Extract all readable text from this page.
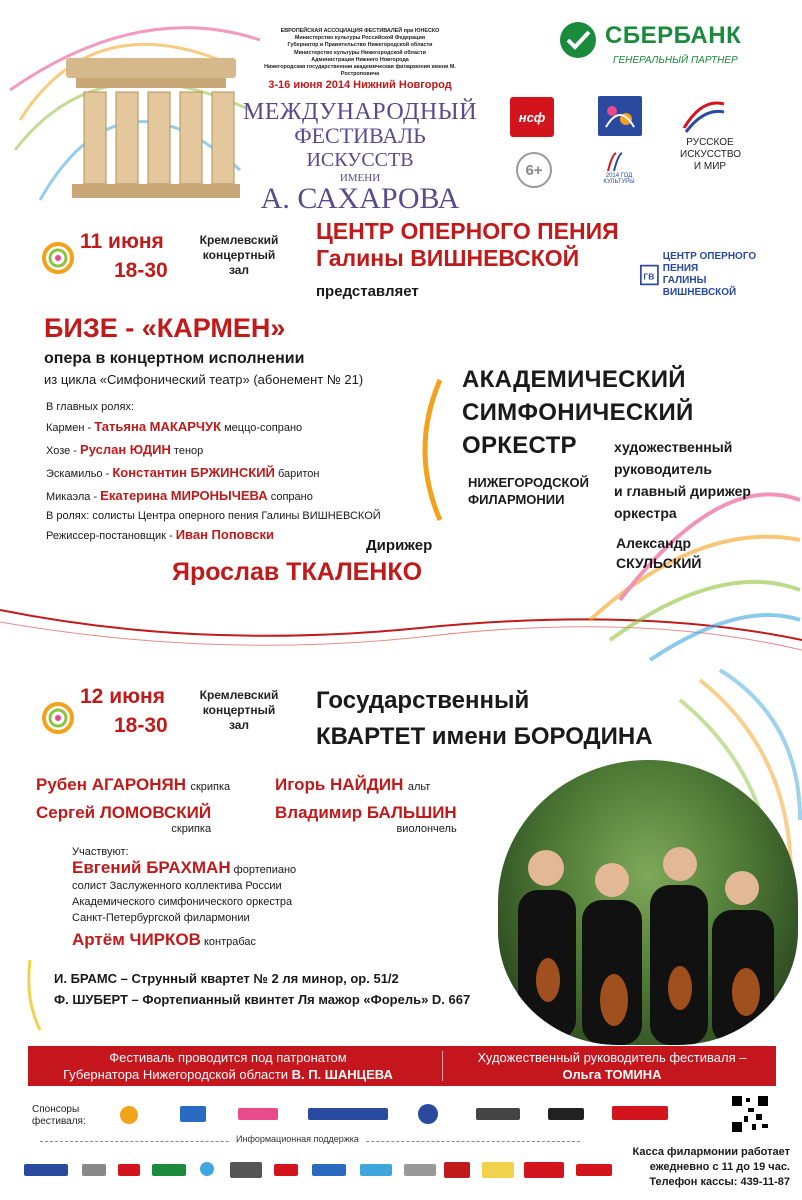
ЕВРОПЕЙСКАЯ АССОЦИАЦИЯ ФЕСТИВАЛЕЙ при ЮНЕСКО
Министерство культуры Российской Федерации
Губернатор и Правительство Нижегородской области
Министерство культуры Нижегородской области
Администрация Нижнего Новгорода
Нижегородская государственная академическая филармония имени М. Ростроповича
3-16 июня 2014 Нижний Новгород
МЕЖДУНАРОДНЫЙ
ФЕСТИВАЛЬ
ИСКУССТВ
ИМЕНИ
А. САХАРОВА
СБЕРБАНК
ГЕНЕРАЛЬНЫЙ ПАРТНЕР
нсф
РУССКОЕ ИСКУССТВО И МИР
6+	2014 ГОД КУЛЬТУРЫ
11 июня
18-30
Кремлевский
концертный
зал
ЦЕНТР ОПЕРНОГО ПЕНИЯ
Галины ВИШНЕВСКОЙ
представляет
ГВ
ЦЕНТР ОПЕРНОГО ПЕНИЯ
ГАЛИНЫ ВИШНЕВСКОЙ
БИЗЕ - «КАРМЕН»
опера в концертном исполнении
из цикла «Симфонический театр» (абонемент № 21)
В главных ролях:
Кармен - Татьяна МАКАРЧУК меццо-сопрано
Хозе - Руслан ЮДИН тенор
Эскамильо - Константин БРЖИНСКИЙ баритон
Микаэла - Екатерина МИРОНЫЧЕВА сопрано
В ролях: солисты Центра оперного пения Галины ВИШНЕВСКОЙ
Режиссер-постановщик - Иван Поповски
Дирижер
Ярослав ТКАЛЕНКО
АКАДЕМИЧЕСКИЙ
СИМФОНИЧЕСКИЙ
ОРКЕСТР
НИЖЕГОРОДСКОЙ
ФИЛАРМОНИИ
художественный
руководитель
и главный дирижер
оркестра
Александр
СКУЛЬСКИЙ
12 июня
18-30
Кремлевский
концертный
зал
Государственный
КВАРТЕТ имени БОРОДИНА
Рубен АГАРОНЯН скрипка	Игорь НАЙДИН альт
Сергей ЛОМОВСКИЙ
скрипка
Владимир БАЛЬШИН
виолончель
Участвуют:
Евгений БРАХМАН фортепиано
солист Заслуженного коллектива России
Академического симфонического оркестра
Санкт-Петербургской филармонии
Артём ЧИРКОВ контрабас
И. БРАМС – Струнный квартет № 2 ля минор, ор. 51/2
Ф. ШУБЕРТ – Фортепианный квинтет Ля мажор «Форель» D. 667
Фестиваль проводится под патронатом
Губернатора Нижегородской области В. П. ШАНЦЕВА
Художественный руководитель фестиваля –
Ольга ТОМИНА
Спонсоры фестиваля:
Информационная поддержка
Касса филармонии работает
ежедневно с 11 до 19 час.
Телефон кассы: 439-11-87
